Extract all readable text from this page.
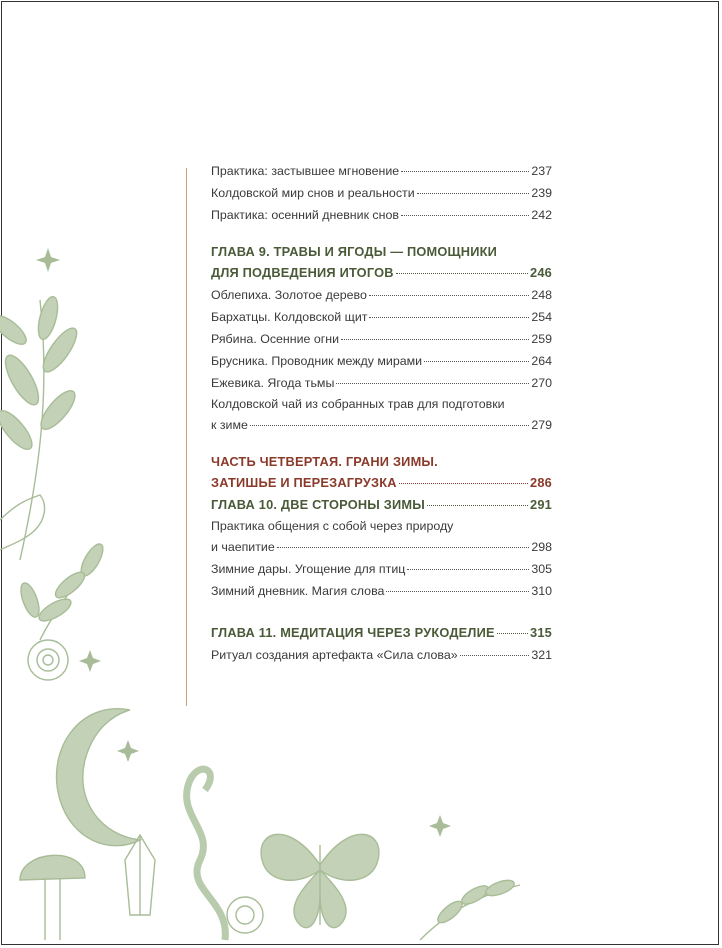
Практика: застывшее мгновение	237
Колдовской мир снов и реальности	239
Практика: осенний дневник снов	242
ГЛАВА 9. ТРАВЫ И ЯГОДЫ — ПОМОЩНИКИ
ДЛЯ ПОДВЕДЕНИЯ ИТОГОВ	246
Облепиха. Золотое дерево	248
Бархатцы. Колдовской щит	254
Рябина. Осенние огни	259
Брусника. Проводник между мирами	264
Ежевика. Ягода тьмы	270
Колдовской чай из собранных трав для подготовки
к зиме	279
ЧАСТЬ ЧЕТВЕРТАЯ. ГРАНИ ЗИМЫ.
ЗАТИШЬЕ И ПЕРЕЗАГРУЗКА	286
ГЛАВА 10. ДВЕ СТОРОНЫ ЗИМЫ	291
Практика общения с собой через природу
и чаепитие	298
Зимние дары. Угощение для птиц	305
Зимний дневник. Магия слова	310
ГЛАВА 11. МЕДИТАЦИЯ ЧЕРЕЗ РУКОДЕЛИЕ	315
Ритуал создания артефакта «Сила слова»	321
